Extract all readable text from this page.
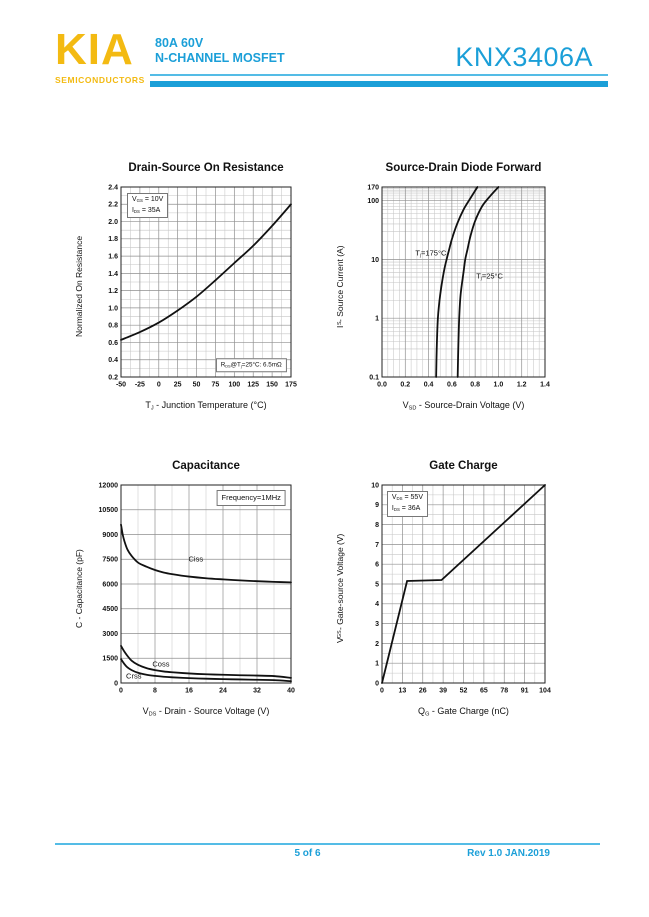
KIA
SEMICONDUCTORS
80A 60V
N-CHANNEL MOSFET	KNX3406A
Drain-Source On Resistance
Normalized On Resistance
-50 -25 0 25 50 75 100 125 150 175
0.2
0.4
0.6
0.8
1.0
1.2
1.4
1.6
1.8
2.0
2.2
2.4
$V_{GS} = 10V$
$I_{DS} = 35A$
$R_{DS}@T_j=25^\circ C$: 6.5mΩ
$T_J$ - Junction Temperature (°C)
Source-Drain Diode Forward
I
S
- Source Current (A)
0.0 0.2 0.4 0.6 0.8 1.0 1.2 1.4
170
100
10
1
0.1
$T_j=175^\circ C$
$T_j=25^\circ C$
$V_{SD}$ - Source-Drain Voltage (V)
Capacitance
C - Capacitance (pF)
0	8	16	24	32	40
0
1500
3000
4500
6000
7500
9000
10500
12000
Frequency=1MHz
Ciss
Coss
Crss
$V_{DS}$ - Drain - Source Voltage (V)
Gate Charge
V
GS
- Gate-source Voltage (V)
0 13 26 39 52 65 78 91 104
0
1
2
3
4
5
6
7
8
9
10
$V_{DS} = 55V$
$I_{DS} = 36A$
$Q_G$ - Gate Charge (nC)
5 of 6	Rev 1.0 JAN.2019
